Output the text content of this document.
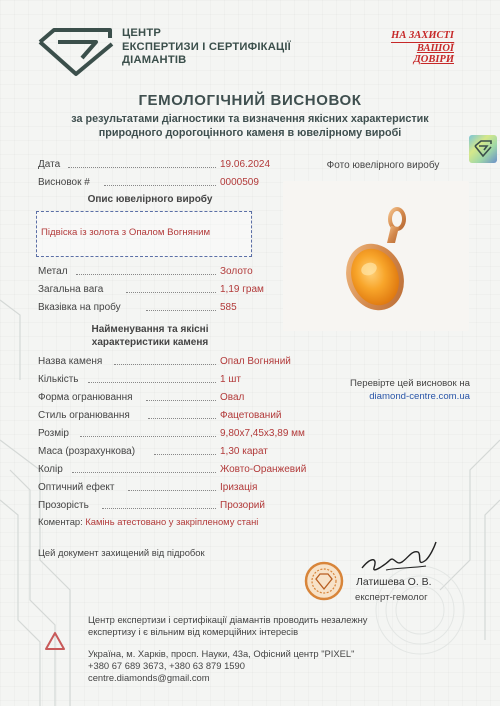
ЦЕНТР
ЕКСПЕРТИЗИ І СЕРТИФІКАЦІЇ
ДІАМАНТІВ
НА ЗАХИСТІ
ВАШОЇ
ДОВІРИ
ГЕМОЛОГІЧНИЙ ВИСНОВОК
за результатами діагностики та визначення якісних характеристик
природного дорогоцінного каменя в ювелірному виробі
Дата	19.06.2024
Висновок #	0000509
Опис ювелірного виробу
Підвіска із золота з Опалом Вогняним
Метал	Золото
Загальна вага	1,19 грам
Вказівка на пробу	585
Найменування та якісні
характеристики каменя
Назва каменя	Опал Вогняний
Кількість	1 шт
Форма огранювання	Овал
Стиль огранювання	Фацетований
Розмір	9,80х7,45х3,89 мм
Маса (розрахункова)	1,30 карат
Колір	Жовто-Оранжевий
Оптичний ефект	Іризація
Прозорість	Прозорий
Коментар: Камінь атестовано у закріпленому стані
Фото ювелірного виробу
Перевірте цей висновок на
diamond-centre.com.ua
Цей документ захищений від підробок
Латишева О. В.
експерт-гемолог

Центр експертизи і сертифікації діамантів проводить незалежну

експертизу і є вільним від комерційних інтересів

Україна, м. Харків, просп. Науки, 43а, Офісний центр "PIXEL"

+380 67 689 3673, +380 63 879 1590

centre.diamonds@gmail.com
